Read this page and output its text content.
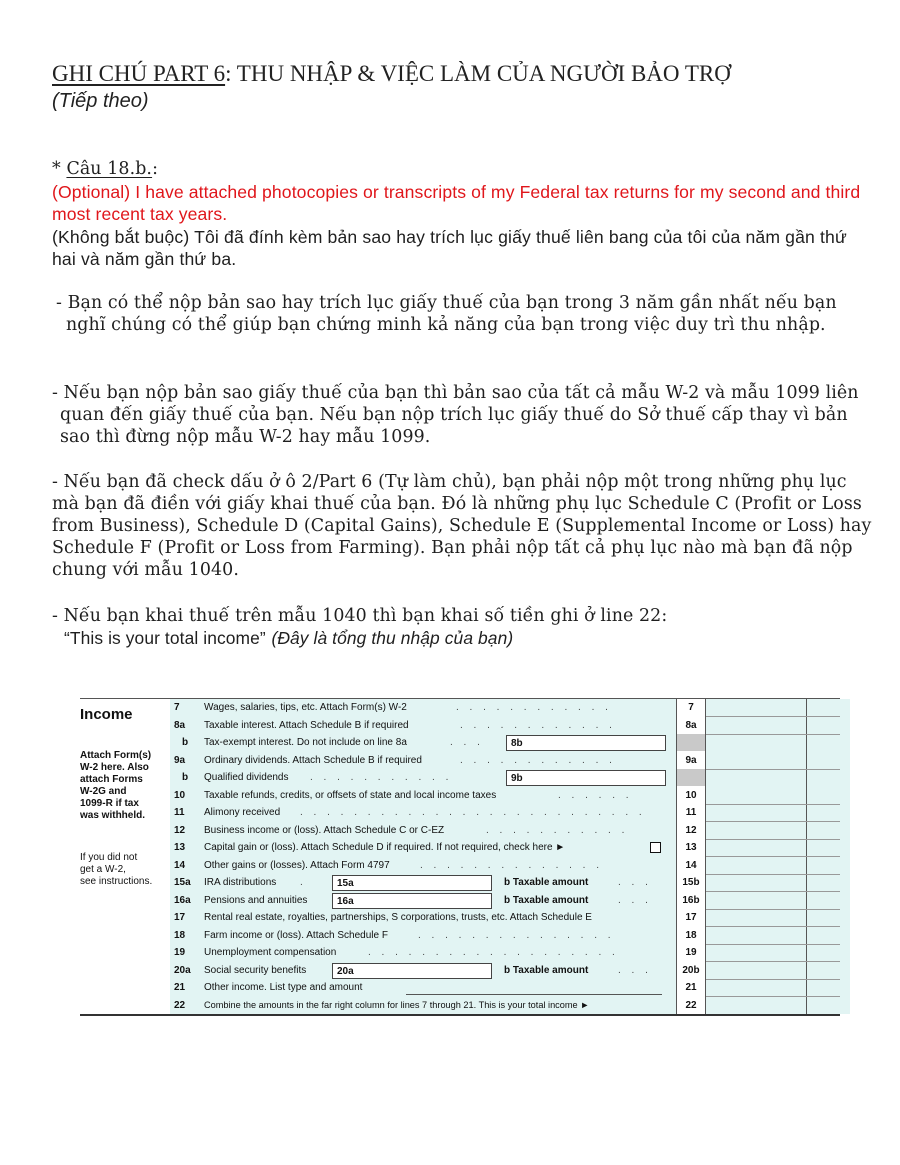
GHI CHÚ PART 6: THU NHẬP & VIỆC LÀM CỦA NGƯỜI BẢO TRỢ
(Tiếp theo)
* Câu 18.b.:
(Optional) I have attached photocopies or transcripts of my Federal tax returns for my second and third most recent tax years.
(Không bắt buộc) Tôi đã đính kèm bản sao hay trích lục giấy thuế liên bang của tôi của năm gần thứ hai và năm gần thứ ba.
- Bạn có thể nộp bản sao hay trích lục giấy thuế của bạn trong 3 năm gần nhất nếu bạn nghĩ chúng có thể giúp bạn chứng minh kả năng của bạn trong việc duy trì thu nhập.
- Nếu bạn nộp bản sao giấy thuế của bạn thì bản sao của tất cả mẫu W-2 và mẫu 1099 liên quan đến giấy thuế của bạn. Nếu bạn nộp trích lục giấy thuế do Sở thuế cấp thay vì bản sao thì đừng nộp mẫu W-2 hay mẫu 1099.
- Nếu bạn đã check dấu ở ô 2/Part 6 (Tự làm chủ), bạn phải nộp một trong những phụ lục mà bạn đã điền với giấy khai thuế của bạn. Đó là những phụ lục Schedule C (Profit or Loss from Business), Schedule D (Capital Gains), Schedule E (Supplemental Income or Loss) hay Schedule F (Profit or Loss from Farming). Bạn phải nộp tất cả phụ lục nào mà bạn đã nộp chung với mẫu 1040.
- Nếu bạn khai thuế trên mẫu 1040 thì bạn khai số tiền ghi ở line 22:
“This is your total income” (Đây là tổng thu nhập của bạn)
Income
Attach Form(s)
W-2 here. Also
attach Forms
W-2G and
1099-R if tax
was withheld.
If you did not
get a W-2,
see instructions.
7	Wages, salaries, tips, etc. Attach Form(s) W-2	. . . . . . . . . . . .	7
8a	Taxable interest. Attach Schedule B if required	. . . . . . . . . . . .	8a
b	Tax-exempt interest. Do not include on line 8a	. . .	8b
9a	Ordinary dividends. Attach Schedule B if required	. . . . . . . . . . . .	9a
b	Qualified dividends . . . . . . . . . . .	9b
10	Taxable refunds, credits, or offsets of state and local income taxes	. . . . . .	10
11	Alimony received . . . . . . . . . . . . . . . . . . . . . . . . . .	11
12	Business income or (loss). Attach Schedule C or C-EZ	. . . . . . . . . . .	12
13	Capital gain or (loss). Attach Schedule D if required. If not required, check here ►	13
14	Other gains or (losses). Attach Form 4797	. . . . . . . . . . . . . .	14
15a	IRA distributions .	15a	b Taxable amount	. . .	15b
16a	Pensions and annuities	16a	b Taxable amount	. . .	16b
17	Rental real estate, royalties, partnerships, S corporations, trusts, etc. Attach Schedule E	17
18	Farm income or (loss). Attach Schedule F	. . . . . . . . . . . . . . .	18
19	Unemployment compensation	. . . . . . . . . . . . . . . . . . .	19
20a	Social security benefits	20a	b Taxable amount	. . .	20b
21	Other income. List type and amount	21
22	Combine the amounts in the far right column for lines 7 through 21. This is your total income ►	22
